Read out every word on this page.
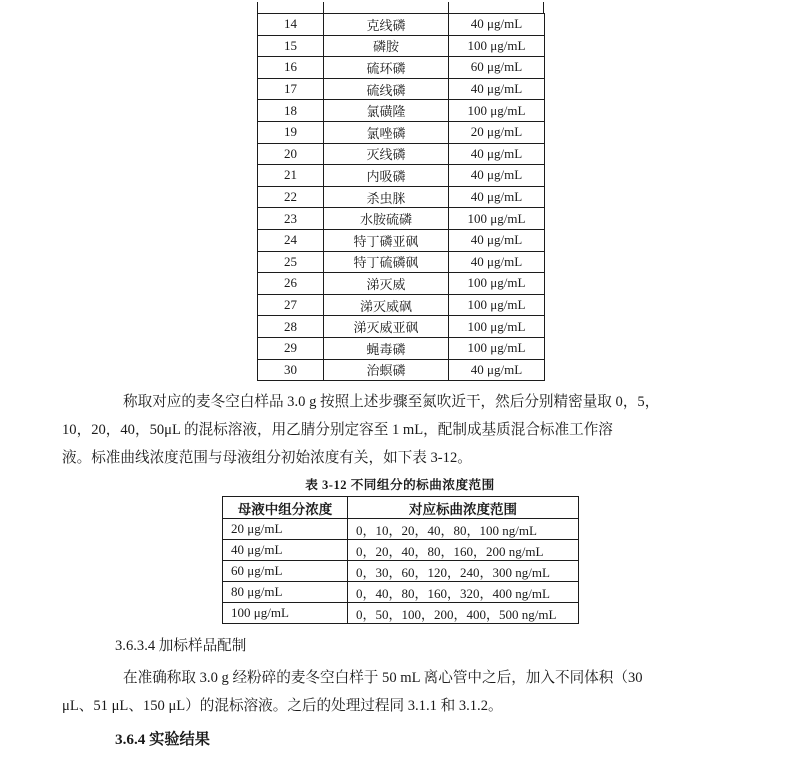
14	克线磷	40 μg/mL
15	磷胺	100 μg/mL
16	硫环磷	60 μg/mL
17	硫线磷	40 μg/mL
18	氯磺隆	100 μg/mL
19	氯唑磷	20 μg/mL
20	灭线磷	40 μg/mL
21	内吸磷	40 μg/mL
22	杀虫脒	40 μg/mL
23	水胺硫磷	100 μg/mL
24	特丁磷亚砜	40 μg/mL
25	特丁硫磷砜	40 μg/mL
26	涕灭威	100 μg/mL
27	涕灭威砜	100 μg/mL
28	涕灭威亚砜	100 μg/mL
29	蝇毒磷	100 μg/mL
30	治螟磷	40 μg/mL
称取对应的麦冬空白样品 3.0 g 按照上述步骤至氮吹近干，然后分别精密量取 0，5，
10，20，40，50μL 的混标溶液，用乙腈分别定容至 1 mL，配制成基质混合标准工作溶
液。标准曲线浓度范围与母液组分初始浓度有关，如下表 3-12。
表 3-12 不同组分的标曲浓度范围
母液中组分浓度	对应标曲浓度范围
20 μg/mL	0，10，20，40，80，100 ng/mL
40 μg/mL	0，20，40，80，160，200 ng/mL
60 μg/mL	0，30，60，120，240，300 ng/mL
80 μg/mL	0，40，80，160，320，400 ng/mL
100 μg/mL	0，50，100，200，400，500 ng/mL
3.6.3.4 加标样品配制
在准确称取 3.0 g 经粉碎的麦冬空白样于 50 mL 离心管中之后，加入不同体积（30
μL、51 μL、150 μL）的混标溶液。之后的处理过程同 3.1.1 和 3.1.2。
3.6.4 实验结果
